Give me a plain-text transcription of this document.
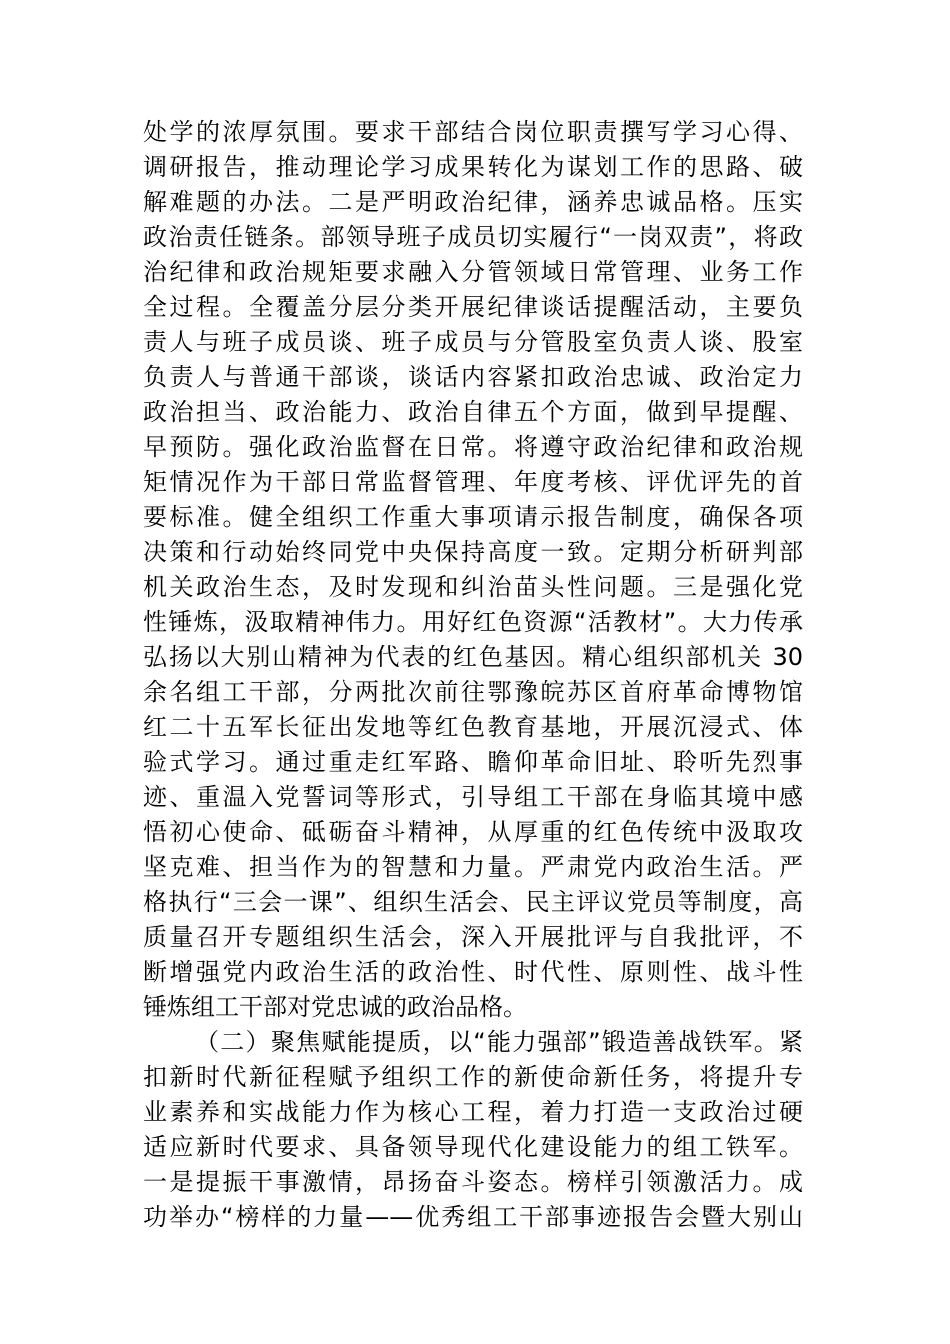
处学的浓厚氛围。要求干部结合岗位职责撰写学习心得、
调研报告，推动理论学习成果转化为谋划工作的思路、破
解难题的办法。二是严明政治纪律，涵养忠诚品格。压实
政治责任链条。部领导班子成员切实履行“一岗双责”，将政
治纪律和政治规矩要求融入分管领域日常管理、业务工作
全过程。全覆盖分层分类开展纪律谈话提醒活动，主要负
责人与班子成员谈、班子成员与分管股室负责人谈、股室
负责人与普通干部谈，谈话内容紧扣政治忠诚、政治定力
政治担当、政治能力、政治自律五个方面，做到早提醒、
早预防。强化政治监督在日常。将遵守政治纪律和政治规
矩情况作为干部日常监督管理、年度考核、评优评先的首
要标准。健全组织工作重大事项请示报告制度，确保各项
决策和行动始终同党中央保持高度一致。定期分析研判部
机关政治生态，及时发现和纠治苗头性问题。三是强化党
性锤炼，汲取精神伟力。用好红色资源“活教材”。大力传承
弘扬以大别山精神为代表的红色基因。精心组织部机关 30
余名组工干部，分两批次前往鄂豫皖苏区首府革命博物馆
红二十五军长征出发地等红色教育基地，开展沉浸式、体
验式学习。通过重走红军路、瞻仰革命旧址、聆听先烈事
迹、重温入党誓词等形式，引导组工干部在身临其境中感
悟初心使命、砥砺奋斗精神，从厚重的红色传统中汲取攻
坚克难、担当作为的智慧和力量。严肃党内政治生活。严
格执行“三会一课”、组织生活会、民主评议党员等制度，高
质量召开专题组织生活会，深入开展批评与自我批评，不
断增强党内政治生活的政治性、时代性、原则性、战斗性
锤炼组工干部对党忠诚的政治品格。
（二）聚焦赋能提质，以“能力强部”锻造善战铁军。紧
扣新时代新征程赋予组织工作的新使命新任务，将提升专
业素养和实战能力作为核心工程，着力打造一支政治过硬
适应新时代要求、具备领导现代化建设能力的组工铁军。
一是提振干事激情，昂扬奋斗姿态。榜样引领激活力。成
功举办“榜样的力量——优秀组工干部事迹报告会暨大别山
